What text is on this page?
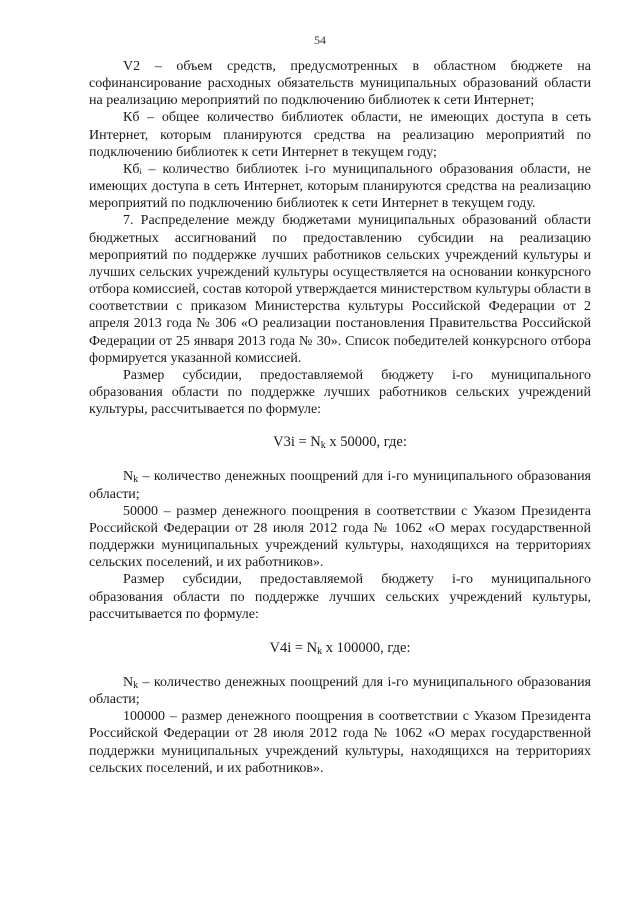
54

V2 – объем средств, предусмотренных в областном бюджете на софинансирование расходных обязательств муниципальных образований области на реализацию мероприятий по подключению библиотек к сети Интернет;

Кб – общее количество библиотек области, не имеющих доступа в сеть Интернет, которым планируются средства на реализацию мероприятий по подключению библиотек к сети Интернет в текущем году;

Кбᵢ – количество библиотек i-го муниципального образования области, не имеющих доступа в сеть Интернет, которым планируются средства на реализацию мероприятий по подключению библиотек к сети Интернет в текущем году.

7. Распределение между бюджетами муниципальных образований области бюджетных ассигнований по предоставлению субсидии на реализацию мероприятий по поддержке лучших работников сельских учреждений культуры и лучших сельских учреждений культуры осуществляется на основании конкурсного отбора комиссией, состав которой утверждается министерством культуры области в соответствии с приказом Министерства культуры Российской Федерации от 2 апреля 2013 года № 306 «О реализации постановления Правительства Российской Федерации от 25 января 2013 года № 30». Список победителей конкурсного отбора формируется указанной комиссией.

Размер субсидии, предоставляемой бюджету i-го муниципального образования области по поддержке лучших работников сельских учреждений культуры, рассчитывается по формуле:

$V3i = N_k$ x 50000, где:

$N_k$ – количество денежных поощрений для i-го муниципального образования области;

50000 – размер денежного поощрения в соответствии с Указом Президента Российской Федерации от 28 июля 2012 года № 1062 «О мерах государственной поддержки муниципальных учреждений культуры, находящихся на территориях сельских поселений, и их работников».

Размер субсидии, предоставляемой бюджету i-го муниципального образования области по поддержке лучших сельских учреждений культуры, рассчитывается по формуле:

$V4i = N_k$ x 100000, где:

$N_k$ – количество денежных поощрений для i-го муниципального образования области;

100000 – размер денежного поощрения в соответствии с Указом Президента Российской Федерации от 28 июля 2012 года № 1062 «О мерах государственной поддержки муниципальных учреждений культуры, находящихся на территориях сельских поселений, и их работников».
